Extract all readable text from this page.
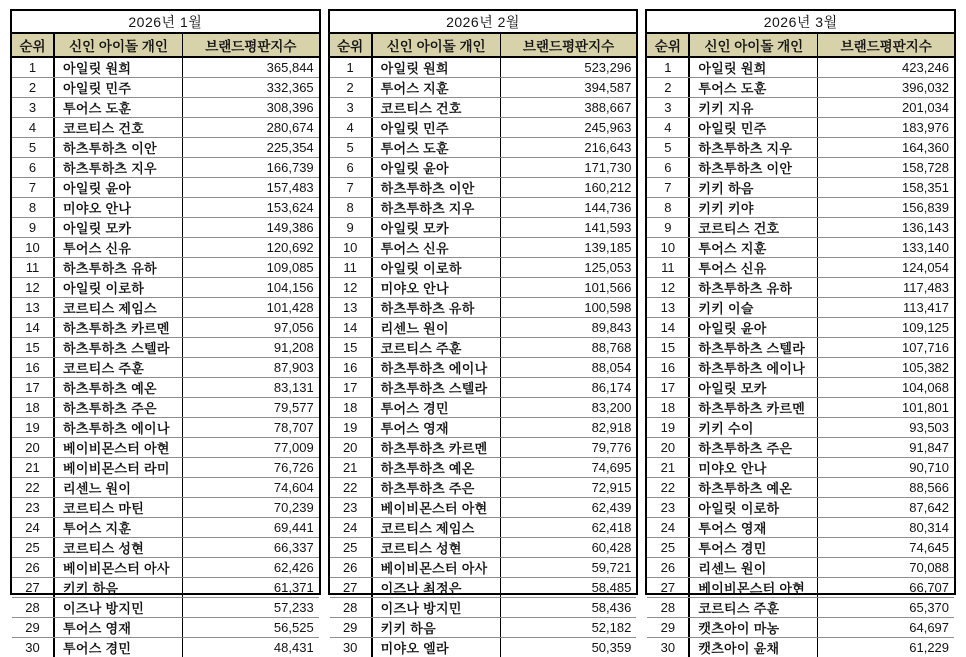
2026년 1월
순위	신인 아이돌 개인	브랜드평판지수
1	아일릿 원희	365,844
2	아일릿 민주	332,365
3	투어스 도훈	308,396
4	코르티스 건호	280,674
5	하츠투하츠 이안	225,354
6	하츠투하츠 지우	166,739
7	아일릿 윤아	157,483
8	미야오 안나	153,624
9	아일릿 모카	149,386
10	투어스 신유	120,692
11	하츠투하츠 유하	109,085
12	아일릿 이로하	104,156
13	코르티스 제임스	101,428
14	하츠투하츠 카르멘	97,056
15	하츠투하츠 스텔라	91,208
16	코르티스 주훈	87,903
17	하츠투하츠 예온	83,131
18	하츠투하츠 주은	79,577
19	하츠투하츠 에이나	78,707
20	베이비몬스터 아현	77,009
21	베이비몬스터 라미	76,726
22	리센느 원이	74,604
23	코르티스 마틴	70,239
24	투어스 지훈	69,441
25	코르티스 성현	66,337
26	베이비몬스터 아사	62,426
27	키키 하음	61,371
28	이즈나 방지민	57,233
29	투어스 영재	56,525
30	투어스 경민	48,431
2026년 2월
순위	신인 아이돌 개인	브랜드평판지수
1	아일릿 원희	523,296
2	투어스 지훈	394,587
3	코르티스 건호	388,667
4	아일릿 민주	245,963
5	투어스 도훈	216,643
6	아일릿 윤아	171,730
7	하츠투하츠 이안	160,212
8	하츠투하츠 지우	144,736
9	아일릿 모카	141,593
10	투어스 신유	139,185
11	아일릿 이로하	125,053
12	미야오 안나	101,566
13	하츠투하츠 유하	100,598
14	리센느 원이	89,843
15	코르티스 주훈	88,768
16	하츠투하츠 에이나	88,054
17	하츠투하츠 스텔라	86,174
18	투어스 경민	83,200
19	투어스 영재	82,918
20	하츠투하츠 카르멘	79,776
21	하츠투하츠 예온	74,695
22	하츠투하츠 주은	72,915
23	베이비몬스터 아현	62,439
24	코르티스 제임스	62,418
25	코르티스 성현	60,428
26	베이비몬스터 아사	59,721
27	이즈나 최정은	58,485
28	이즈나 방지민	58,436
29	키키 하음	52,182
30	미야오 엘라	50,359
2026년 3월
순위	신인 아이돌 개인	브랜드평판지수
1	아일릿 원희	423,246
2	투어스 도훈	396,032
3	키키 지유	201,034
4	아일릿 민주	183,976
5	하츠투하츠 지우	164,360
6	하츠투하츠 이안	158,728
7	키키 하음	158,351
8	키키 키야	156,839
9	코르티스 건호	136,143
10	투어스 지훈	133,140
11	투어스 신유	124,054
12	하츠투하츠 유하	117,483
13	키키 이슬	113,417
14	아일릿 윤아	109,125
15	하츠투하츠 스텔라	107,716
16	하츠투하츠 에이나	105,382
17	아일릿 모카	104,068
18	하츠투하츠 카르멘	101,801
19	키키 수이	93,503
20	하츠투하츠 주은	91,847
21	미야오 안나	90,710
22	하츠투하츠 예온	88,566
23	아일릿 이로하	87,642
24	투어스 영재	80,314
25	투어스 경민	74,645
26	리센느 원이	70,088
27	베이비몬스터 아현	66,707
28	코르티스 주훈	65,370
29	캣츠아이 마농	64,697
30	캣츠아이 윤채	61,229
